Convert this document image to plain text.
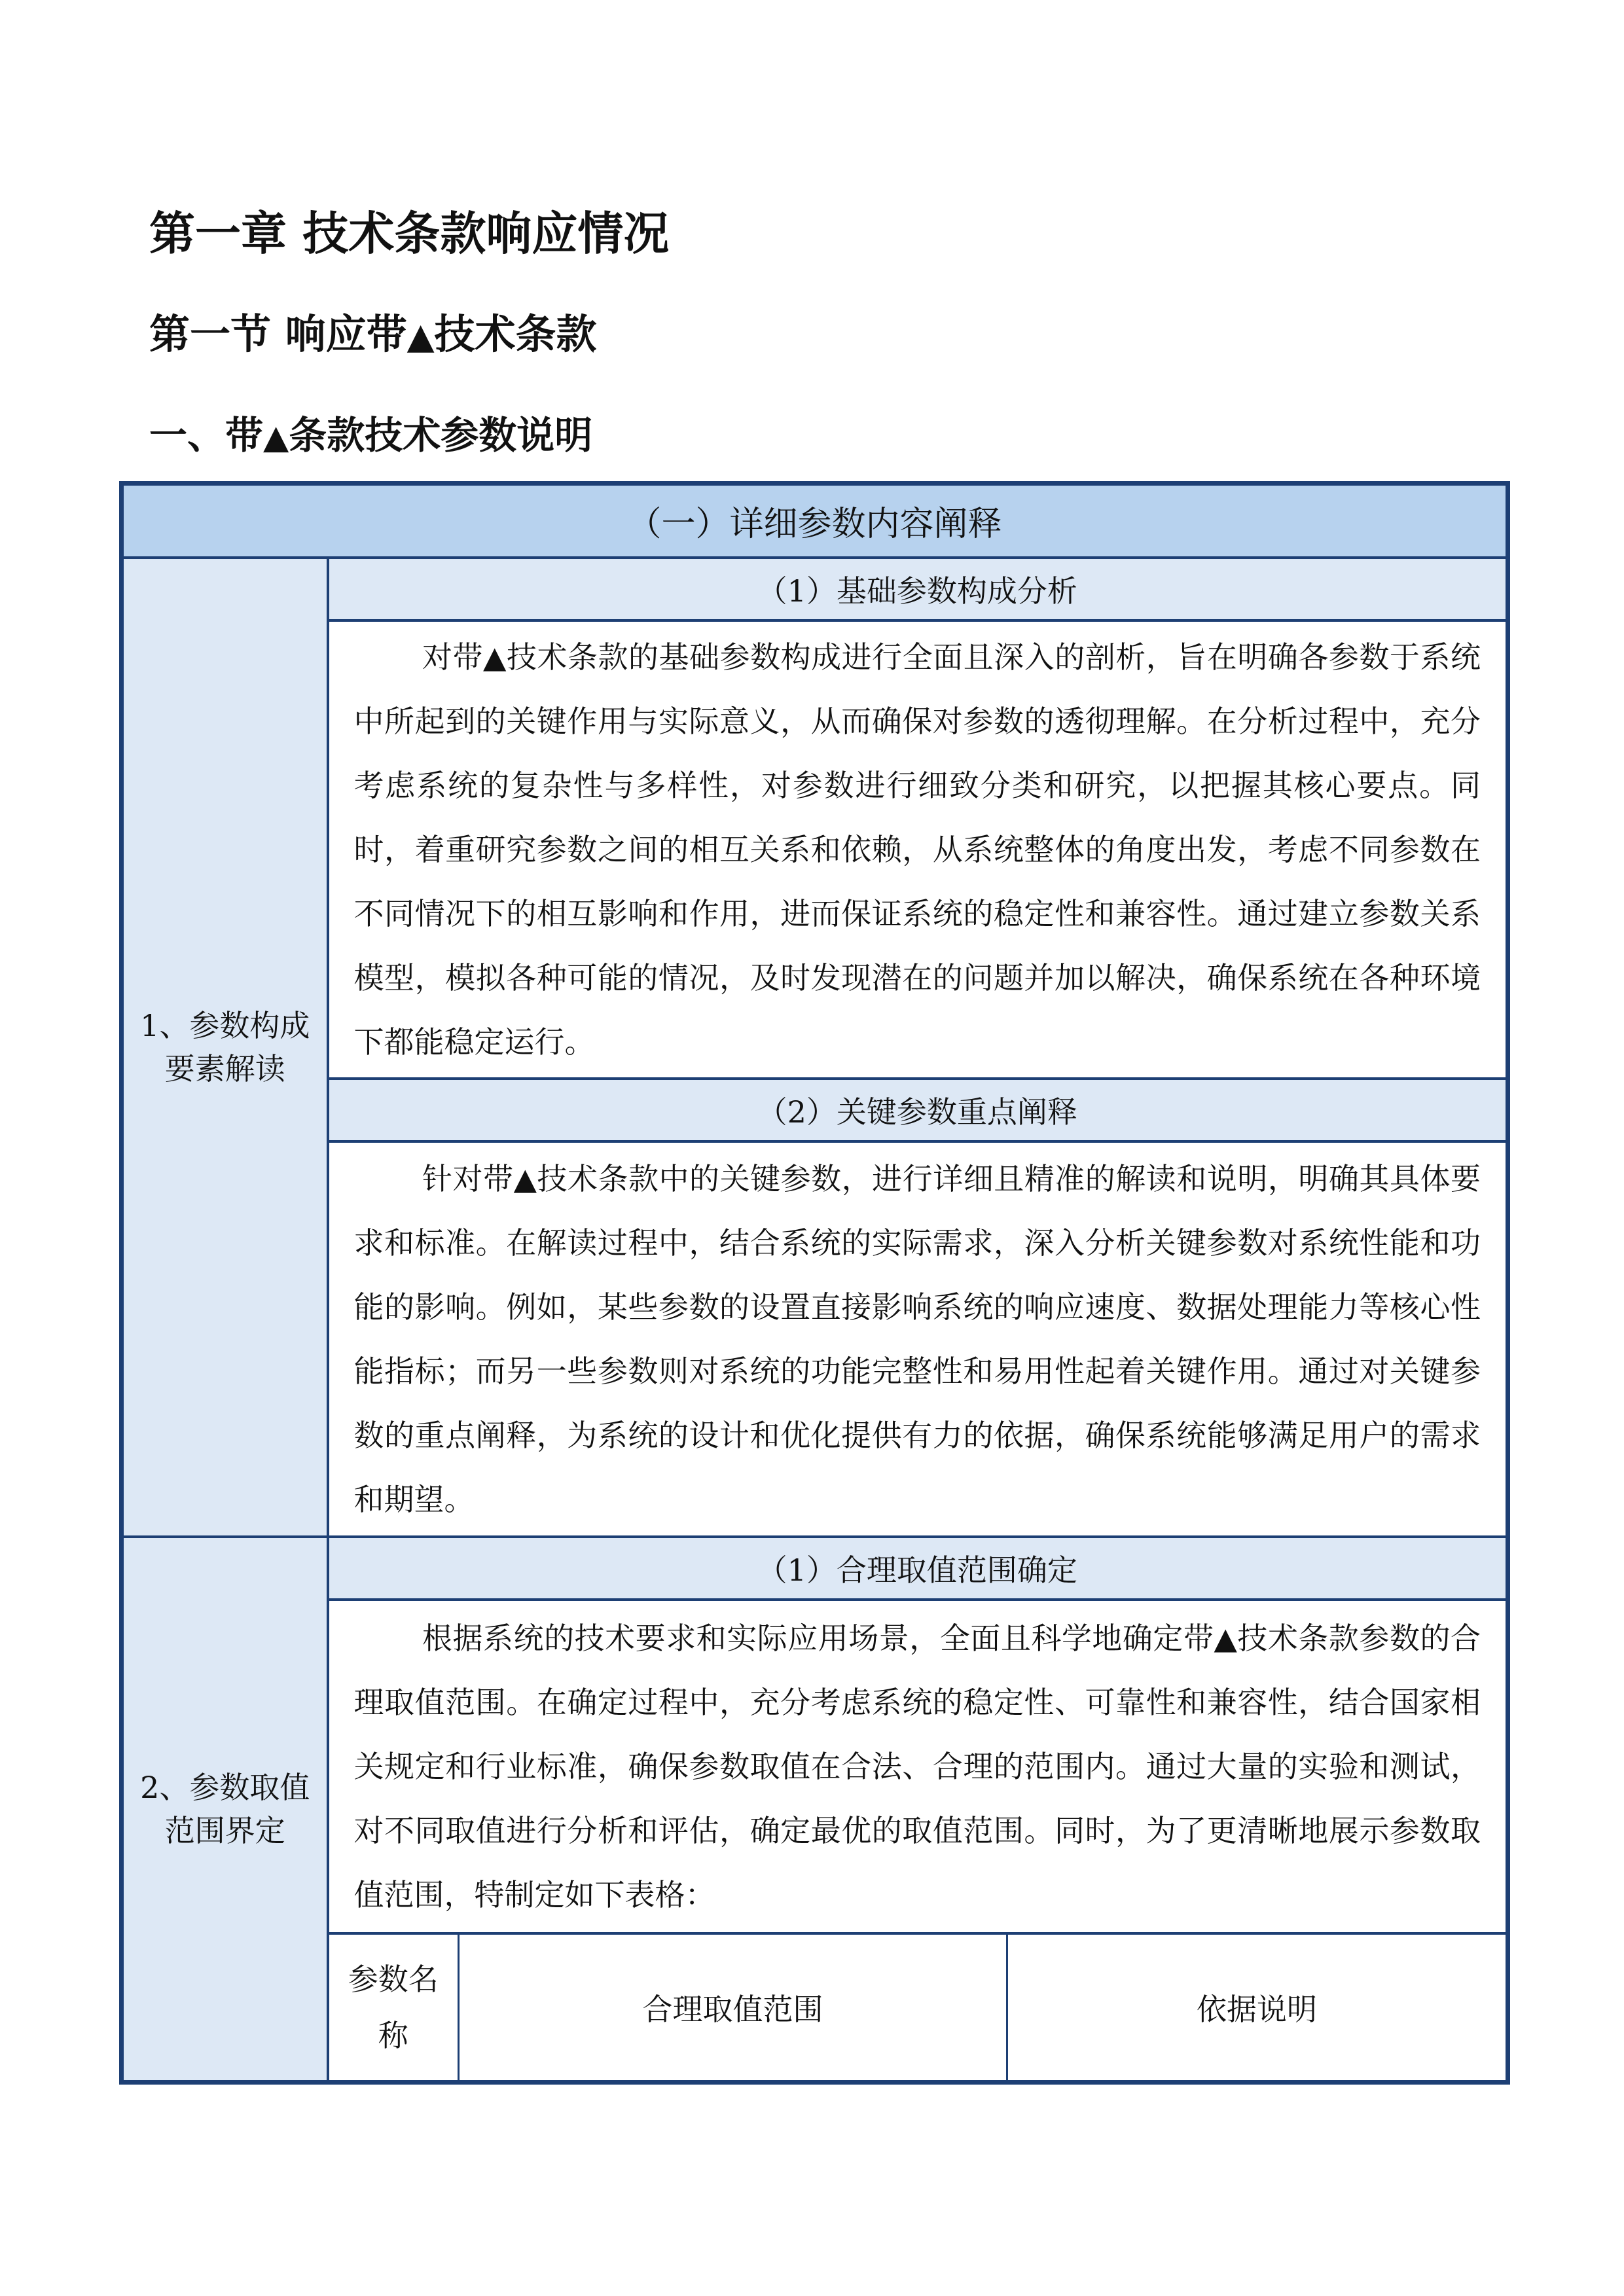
第一章 技术条款响应情况
第一节 响应带▲技术条款
一、带▲条款技术参数说明
（一）详细参数内容阐释
1、参数构成要素解读	（1）基础参数构成分析
对带▲技术条款的基础参数构成进行全面且深入的剖析，旨在明确各参数于系统中所起到的关键作用与实际意义，从而确保对参数的透彻理解。在分析过程中，充分考虑系统的复杂性与多样性，对参数进行细致分类和研究，以把握其核心要点。同时，着重研究参数之间的相互关系和依赖，从系统整体的角度出发，考虑不同参数在不同情况下的相互影响和作用，进而保证系统的稳定性和兼容性。通过建立参数关系模型，模拟各种可能的情况，及时发现潜在的问题并加以解决，确保系统在各种环境下都能稳定运行。
（2）关键参数重点阐释
针对带▲技术条款中的关键参数，进行详细且精准的解读和说明，明确其具体要求和标准。在解读过程中，结合系统的实际需求，深入分析关键参数对系统性能和功能的影响。例如，某些参数的设置直接影响系统的响应速度、数据处理能力等核心性能指标；而另一些参数则对系统的功能完整性和易用性起着关键作用。通过对关键参数的重点阐释，为系统的设计和优化提供有力的依据，确保系统能够满足用户的需求和期望。
2、参数取值范围界定	（1）合理取值范围确定
根据系统的技术要求和实际应用场景，全面且科学地确定带▲技术条款参数的合理取值范围。在确定过程中，充分考虑系统的稳定性、可靠性和兼容性，结合国家相关规定和行业标准，确保参数取值在合法、合理的范围内。通过大量的实验和测试，对不同取值进行分析和评估，确定最优的取值范围。同时，为了更清晰地展示参数取值范围，特制定如下表格：

参数名称	合理取值范围	依据说明
